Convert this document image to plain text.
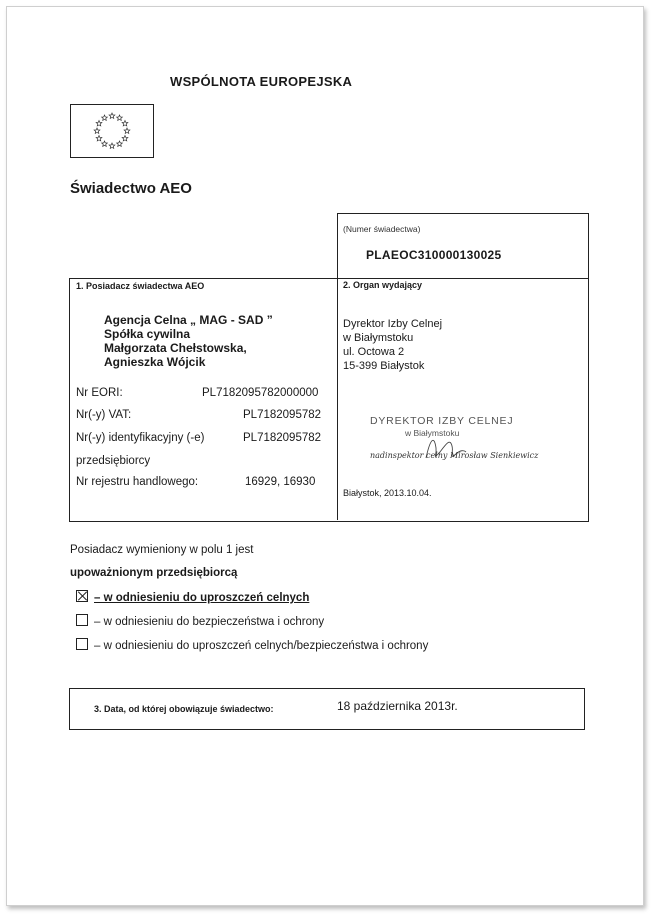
WSPÓLNOTA EUROPEJSKA
Świadectwo AEO
(Numer świadectwa)
PLAEOC310000130025
1. Posiadacz świadectwa AEO	2. Organ wydający
Agencja Celna „ MAG - SAD ”
Spółka cywilna
Małgorzata Chełstowska,
Agnieszka Wójcik
Nr EORI:	PL7182095782000000
Nr(-y) VAT:	PL7182095782
Nr(-y) identyfikacyjny (-e)	PL7182095782
przedsiębiorcy
Nr rejestru handlowego:	16929, 16930
Dyrektor Izby Celnej
w Białymstoku
ul. Octowa 2
15-399 Białystok
DYREKTOR IZBY CELNEJ
w Białymstoku
nadinspektor celny Mirosław Sienkiewicz
Białystok, 2013.10.04.
Posiadacz wymieniony w polu 1 jest
upoważnionym przedsiębiorcą
– w odniesieniu do uproszczeń celnych
– w odniesieniu do bezpieczeństwa i ochrony
– w odniesieniu do uproszczeń celnych/bezpieczeństwa i ochrony
3. Data, od której obowiązuje świadectwo:	18 października 2013r.
